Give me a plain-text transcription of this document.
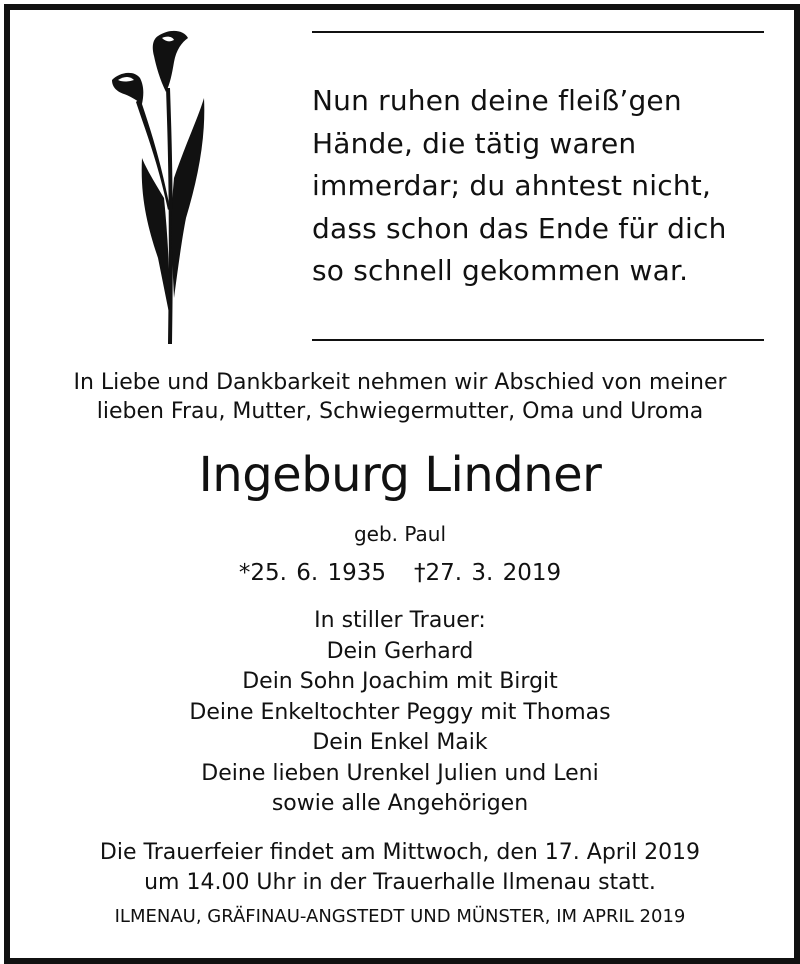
Nun ruhen deine fleiß’gen
Hände, die tätig waren
immerdar; du ahntest nicht,
dass schon das Ende für dich
so schnell gekommen war.
In Liebe und Dankbarkeit nehmen wir Abschied von meiner
lieben Frau, Mutter, Schwiegermutter, Oma und Uroma
Ingeburg Lindner
geb. Paul
*25. 6. 1935 †27. 3. 2019
In stiller Trauer:
Dein Gerhard
Dein Sohn Joachim mit Birgit
Deine Enkeltochter Peggy mit Thomas
Dein Enkel Maik
Deine lieben Urenkel Julien und Leni
sowie alle Angehörigen
Die Trauerfeier findet am Mittwoch, den 17. April 2019
um 14.00 Uhr in der Trauerhalle Ilmenau statt.
ILMENAU, GRÄFINAU-ANGSTEDT UND MÜNSTER, IM APRIL 2019
